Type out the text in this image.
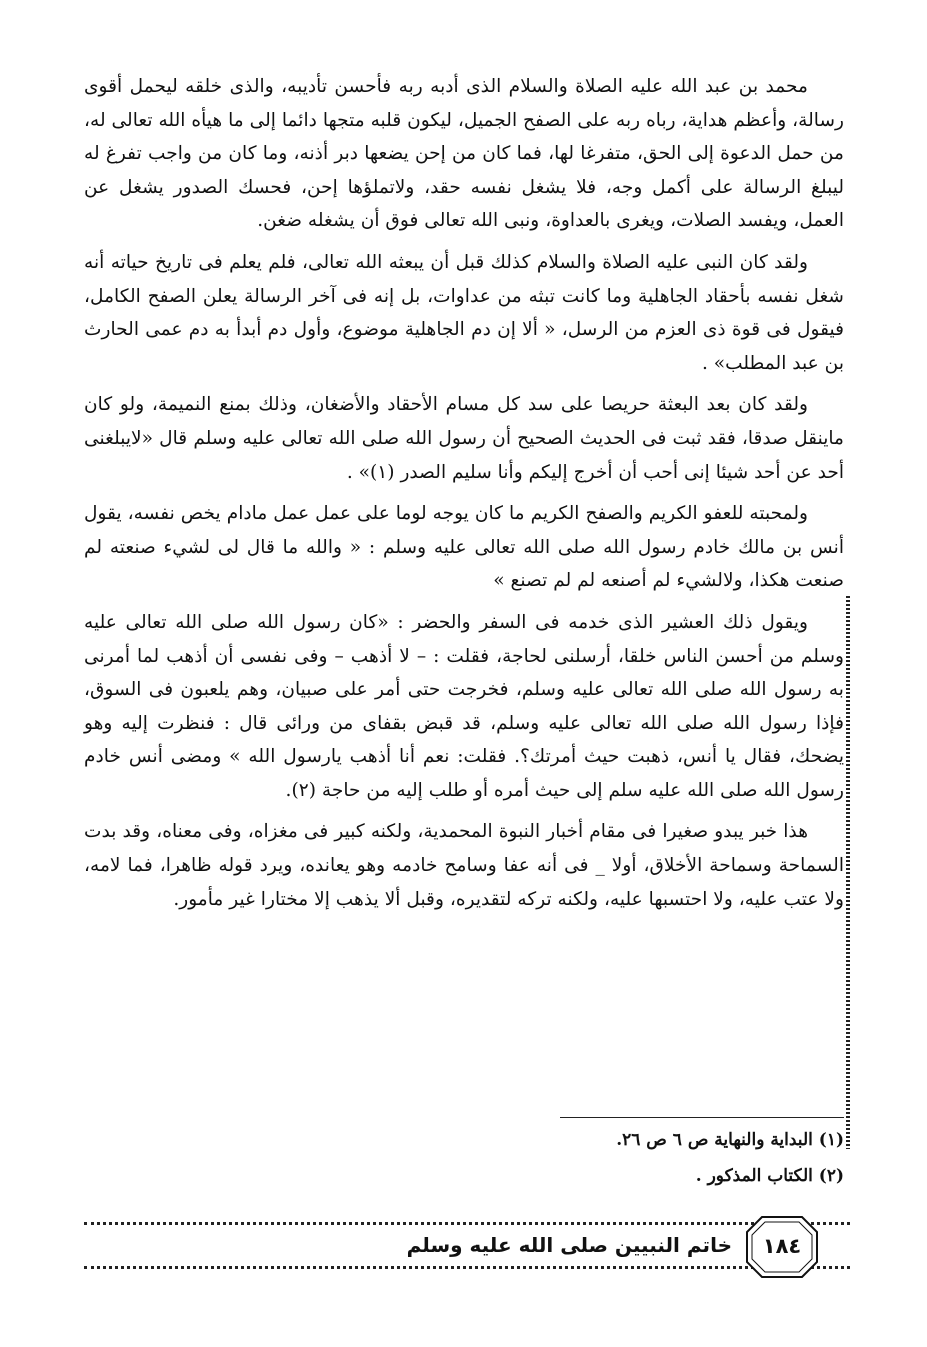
محمد بن عبد الله عليه الصلاة والسلام الذى أدبه ربه فأحسن تأديبه، والذى خلقه ليحمل أقوى رسالة، وأعظم هداية، رباه ربه على الصفح الجميل، ليكون قلبه متجها دائما إلى ما هيأه الله تعالى له، من حمل الدعوة إلى الحق، متفرغا لها، فما كان من إحن يضعها دبر أذنه، وما كان من واجب تفرغ له ليبلغ الرسالة على أكمل وجه، فلا يشغل نفسه حقد، ولاتملؤها إحن، فحسك الصدور يشغل عن العمل، ويفسد الصلات، ويغرى بالعداوة، ونبى الله تعالى فوق أن يشغله ضغن.

ولقد كان النبى عليه الصلاة والسلام كذلك قبل أن يبعثه الله تعالى، فلم يعلم فى تاريخ حياته أنه شغل نفسه بأحقاد الجاهلية وما كانت تبثه من عداوات، بل إنه فى آخر الرسالة يعلن الصفح الكامل، فيقول فى قوة ذى العزم من الرسل، « ألا إن دم الجاهلية موضوع، وأول دم أبدأ به دم عمى الحارث بن عبد المطلب» .

ولقد كان بعد البعثة حريصا على سد كل مسام الأحقاد والأضغان، وذلك بمنع النميمة، ولو كان ماينقل صدقا، فقد ثبت فى الحديث الصحيح أن رسول الله صلى الله تعالى عليه وسلم قال «لايبلغنى أحد عن أحد شيئا إنى أحب أن أخرج إليكم وأنا سليم الصدر (١)» .

ولمحبته للعفو الكريم والصفح الكريم ما كان يوجه لوما على عمل عمل مادام يخص نفسه، يقول أنس بن مالك خادم رسول الله صلى الله تعالى عليه وسلم : « والله ما قال لى لشيء صنعته لم صنعت هكذا، ولالشيء لم أصنعه لم لم تصنع »

ويقول ذلك العشير الذى خدمه فى السفر والحضر : «كان رسول الله صلى الله تعالى عليه وسلم من أحسن الناس خلقا، أرسلنى لحاجة، فقلت : – لا أذهب – وفى نفسى أن أذهب لما أمرنى به رسول الله صلى الله تعالى عليه وسلم، فخرجت حتى أمر على صبيان، وهم يلعبون فى السوق، فإذا رسول الله صلى الله تعالى عليه وسلم، قد قبض بقفاى من ورائى قال : فنظرت إليه وهو يضحك، فقال يا أنس، ذهبت حيث أمرتك؟. فقلت: نعم أنا أذهب يارسول الله » ومضى أنس خادم رسول الله صلى الله عليه سلم إلى حيث أمره أو طلب إليه من حاجة (٢).

هذا خبر يبدو صغيرا فى مقام أخبار النبوة المحمدية، ولكنه كبير فى مغزاه، وفى معناه، وقد بدت السماحة وسماحة الأخلاق، أولا _ فى أنه عفا وسامح خادمه وهو يعانده، ويرد قوله ظاهرا، فما لامه، ولا عتب عليه، ولا احتسبها عليه، ولكنه تركه لتقديره، وقبل ألا يذهب إلا مختارا غير مأمور.

(١) البداية والنهاية ص ٦ ص ٢٦.
(٢) الكتاب المذكور .
خاتم النبيين صلى الله عليه وسلم	١٨٤
